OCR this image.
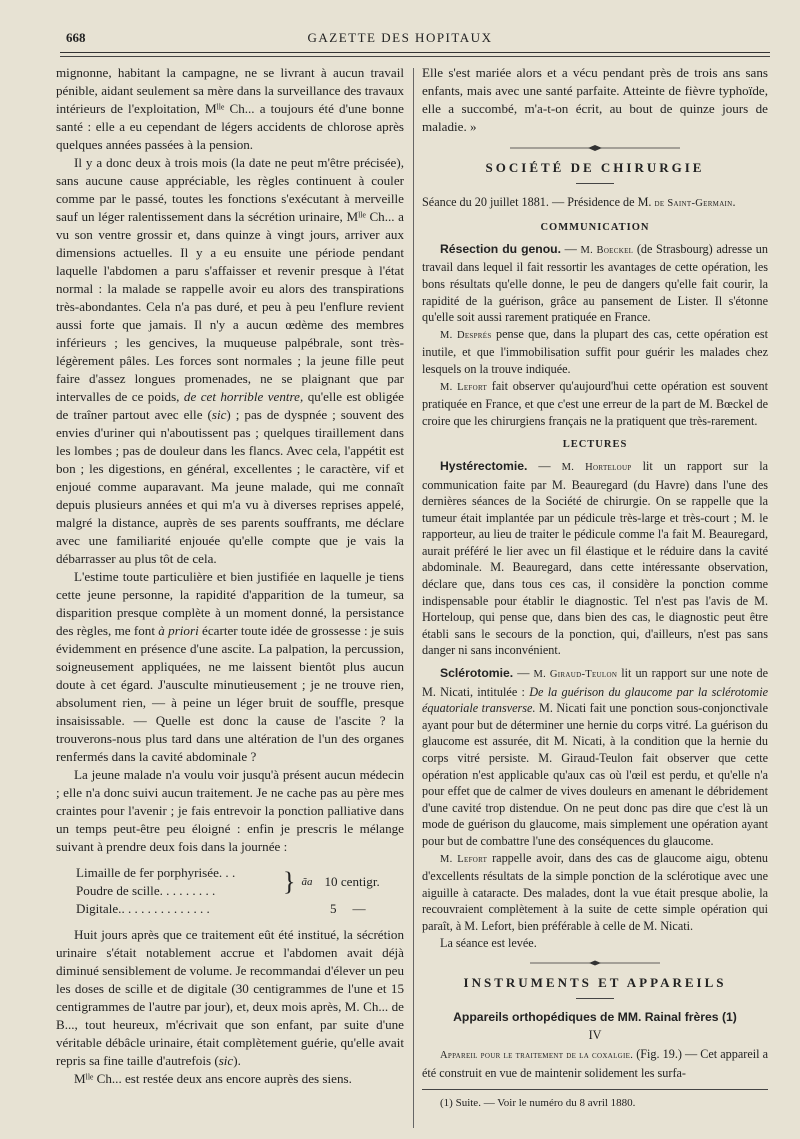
GAZETTE DES HOPITAUX
668

mignonne, habitant la campagne, ne se livrant à aucun travail pénible, aidant seulement sa mère dans la surveillance des travaux intérieurs de l'exploitation, Mˡˡᵉ Ch... a toujours été d'une bonne santé : elle a eu cependant de légers accidents de chlorose après quelques années passées à la pension.

Il y a donc deux à trois mois (la date ne peut m'être précisée), sans aucune cause appréciable, les règles continuent à couler comme par le passé, toutes les fonctions s'exécutant à merveille sauf un léger ralentissement dans la sécrétion urinaire, Mˡˡᵉ Ch... a vu son ventre grossir et, dans quinze à vingt jours, arriver aux dimensions actuelles. Il y a eu ensuite une période pendant laquelle l'abdomen a paru s'affaisser et revenir presque à l'état normal : la malade se rappelle avoir eu alors des transpirations très-abondantes. Cela n'a pas duré, et peu à peu l'enflure revient aussi forte que jamais. Il n'y a aucun œdème des membres inférieurs ; les gencives, la muqueuse palpébrale, sont très-légèrement pâles. Les forces sont normales ; la jeune fille peut faire d'assez longues promenades, ne se plaignant que par intervalles de ce poids, de cet horrible ventre, qu'elle est obligée de traîner partout avec elle (sic) ; pas de dyspnée ; souvent des envies d'uriner qui n'aboutissent pas ; quelques tiraillement dans les lombes ; pas de douleur dans les flancs. Avec cela, l'appétit est bon ; les digestions, en général, excellentes ; le caractère, vif et enjoué comme auparavant. Ma jeune malade, qui me connaît depuis plusieurs années et qui m'a vu à diverses reprises appelé, malgré la distance, auprès de ses parents souffrants, me déclare avec une familiarité enjouée qu'elle compte que je vais la débarrasser au plus tôt de cela.

L'estime toute particulière et bien justifiée en laquelle je tiens cette jeune personne, la rapidité d'apparition de la tumeur, sa disparition presque complète à un moment donné, la persistance des règles, me font à priori écarter toute idée de grossesse : je suis évidemment en présence d'une ascite. La palpation, la percussion, soigneusement appliquées, ne me laissent bientôt plus aucun doute à cet égard. J'ausculte minutieusement ; je ne trouve rien, absolument rien, — à peine un léger bruit de souffle, presque insaisissable. — Quelle est donc la cause de l'ascite ? la trouverons-nous plus tard dans une altération de l'un des organes renfermés dans la cavité abdominale ?

La jeune malade n'a voulu voir jusqu'à présent aucun médecin ; elle n'a donc suivi aucun traitement. Je ne cache pas au père mes craintes pour l'avenir ; je fais entrevoir la ponction palliative dans un temps peut-être peu éloigné : enfin je prescris le mélange suivant à prendre deux fois dans la journée :

Limaille de fer porphyrisée. . .
Poudre de scille. . . . . . . . .	} ãa 10 centigr.
Digitale.. . . . . . . . . . . . . .	5 —

Huit jours après que ce traitement eût été institué, la sécrétion urinaire s'était notablement accrue et l'abdomen avait déjà diminué sensiblement de volume. Je recommandai d'élever un peu les doses de scille et de digitale (30 centigrammes de l'une et 15 centigrammes de l'autre par jour), et, deux mois après, M. Ch... de B..., tout heureux, m'écrivait que son enfant, par suite d'une véritable débâcle urinaire, était complètement guérie, qu'elle avait repris sa fine taille d'autrefois (sic).

Mˡˡᵉ Ch... est restée deux ans encore auprès des siens.

Elle s'est mariée alors et a vécu pendant près de trois ans sans enfants, mais avec une santé parfaite. Atteinte de fièvre typhoïde, elle a succombé, m'a-t-on écrit, au bout de quinze jours de maladie. »

SOCIÉTÉ DE CHIRURGIE

Séance du 20 juillet 1881. — Présidence de M. de Saint-Germain.

COMMUNICATION

Résection du genou. — M. Boeckel (de Strasbourg) adresse un travail dans lequel il fait ressortir les avantages de cette opération, les bons résultats qu'elle donne, le peu de dangers qu'elle fait courir, la rapidité de la guérison, grâce au pansement de Lister. Il s'étonne qu'elle soit aussi rarement pratiquée en France.

M. Després pense que, dans la plupart des cas, cette opération est inutile, et que l'immobilisation suffit pour guérir les malades chez lesquels on la trouve indiquée.

M. Lefort fait observer qu'aujourd'hui cette opération est souvent pratiquée en France, et que c'est une erreur de la part de M. Bœckel de croire que les chirurgiens français ne la pratiquent que très-rarement.

LECTURES

Hystérectomie. — M. Horteloup lit un rapport sur la communication faite par M. Beauregard (du Havre) dans l'une des dernières séances de la Société de chirurgie. On se rappelle que la tumeur était implantée par un pédicule très-large et très-court ; M. le rapporteur, au lieu de traiter le pédicule comme l'a fait M. Beauregard, aurait préféré le lier avec un fil élastique et le réduire dans la cavité abdominale. M. Beauregard, dans cette intéressante observation, déclare que, dans tous ces cas, il considère la ponction comme indispensable pour établir le diagnostic. Tel n'est pas l'avis de M. Horteloup, qui pense que, dans bien des cas, le diagnostic peut être établi sans le secours de la ponction, qui, d'ailleurs, n'est pas sans danger ni sans inconvénient.

Sclérotomie. — M. Giraud-Teulon lit un rapport sur une note de M. Nicati, intitulée : De la guérison du glaucome par la sclérotomie équatoriale transverse. M. Nicati fait une ponction sous-conjonctivale ayant pour but de déterminer une hernie du corps vitré. La guérison du glaucome est assurée, dit M. Nicati, à la condition que la hernie du corps vitré persiste. M. Giraud-Teulon fait observer que cette opération n'est applicable qu'aux cas où l'œil est perdu, et qu'elle n'a pour effet que de calmer de vives douleurs en amenant le débridement d'une cavité trop distendue. On ne peut donc pas dire que c'est là un mode de guérison du glaucome, mais simplement une opération ayant pour but de combattre l'une des conséquences du glaucome.

M. Lefort rappelle avoir, dans des cas de glaucome aigu, obtenu d'excellents résultats de la simple ponction de la sclérotique avec une aiguille à cataracte. Des malades, dont la vue était presque abolie, la recouvraient complètement à la suite de cette simple opération qui paraît, à M. Lefort, bien préférable à celle de M. Nicati.

La séance est levée.

INSTRUMENTS ET APPAREILS
Appareils orthopédiques de MM. Rainal frères (1)
IV

Appareil pour le traitement de la coxalgie. (Fig. 19.) — Cet appareil a été construit en vue de maintenir solidement les surfa-

(1) Suite. — Voir le numéro du 8 avril 1880.
